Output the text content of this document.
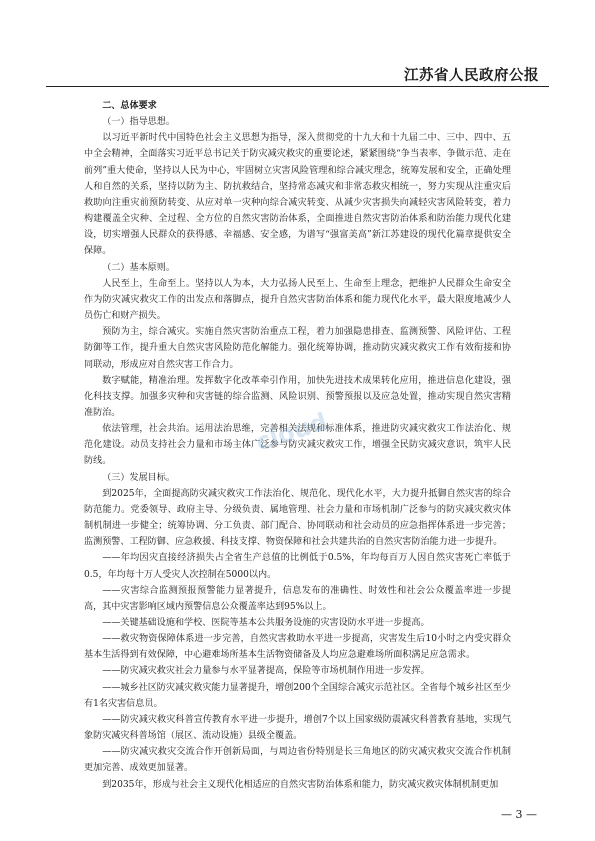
江苏省人民政府公报

二、总体要求

（一）指导思想。

以习近平新时代中国特色社会主义思想为指导，深入贯彻党的十九大和十九届二中、三中、四中、五中全会精神，全面落实习近平总书记关于防灾减灾救灾的重要论述，紧紧围绕“争当表率、争做示范、走在前列”重大使命，坚持以人民为中心，牢固树立灾害风险管理和综合减灾理念，统筹发展和安全，正确处理人和自然的关系，坚持以防为主、防抗救结合，坚持常态减灾和非常态救灾相统一，努力实现从注重灾后救助向注重灾前预防转变、从应对单一灾种向综合减灾转变、从减少灾害损失向减轻灾害风险转变，着力构建覆盖全灾种、全过程、全方位的自然灾害防治体系，全面推进自然灾害防治体系和防治能力现代化建设，切实增强人民群众的获得感、幸福感、安全感，为谱写“强富美高”新江苏建设的现代化篇章提供安全保障。

（二）基本原则。

人民至上，生命至上。坚持以人为本，大力弘扬人民至上、生命至上理念，把维护人民群众生命安全作为防灾减灾救灾工作的出发点和落脚点，提升自然灾害防治体系和能力现代化水平，最大限度地减少人员伤亡和财产损失。

预防为主，综合减灾。实施自然灾害防治重点工程，着力加强隐患排查、监测预警、风险评估、工程防御等工作，提升重大自然灾害风险防范化解能力。强化统筹协调，推动防灾减灾救灾工作有效衔接和协同联动，形成应对自然灾害工作合力。

数字赋能，精准治理。发挥数字化改革牵引作用，加快先进技术成果转化应用，推进信息化建设，强化科技支撑。加强多灾种和灾害链的综合监测、风险识别、预警预报以及应急处置，推动实现自然灾害精准防治。

依法管理，社会共治。运用法治思维，完善相关法规和标准体系，推进防灾减灾救灾工作法治化、规范化建设。动员支持社会力量和市场主体广泛参与防灾减灾救灾工作，增强全民防灾减灾意识，筑牢人民防线。

（三）发展目标。

到2025年，全面提高防灾减灾救灾工作法治化、规范化、现代化水平，大力提升抵御自然灾害的综合防范能力。党委领导、政府主导、分级负责、属地管理、社会力量和市场机制广泛参与的防灾减灾救灾体制机制进一步健全；统筹协调、分工负责、部门配合、协同联动和社会动员的应急指挥体系进一步完善；监测预警、工程防御、应急救援、科技支撑、物资保障和社会共建共治的自然灾害防治能力进一步提升。

——年均因灾直接经济损失占全省生产总值的比例低于0.5%，年均每百万人因自然灾害死亡率低于0.5，年均每十万人受灾人次控制在5000以内。

——灾害综合监测预报预警能力显著提升，信息发布的准确性、时效性和社会公众覆盖率进一步提高，其中灾害影响区域内预警信息公众覆盖率达到95%以上。

——关键基础设施和学校、医院等基本公共服务设施的灾害设防水平进一步提高。

——救灾物资保障体系进一步完善，自然灾害救助水平进一步提高，灾害发生后10小时之内受灾群众基本生活得到有效保障，中心避难场所基本生活物资储备及人均应急避难场所面积满足应急需求。

——防灾减灾救灾社会力量参与水平显著提高，保险等市场机制作用进一步发挥。

——城乡社区防灾减灾救灾能力显著提升，增创200个全国综合减灾示范社区。全省每个城乡社区至少有1名灾害信息员。

——防灾减灾救灾科普宣传教育水平进一步提升，增创7个以上国家级防震减灾科普教育基地，实现气象防灾减灾科普场馆（展区、流动设施）县级全覆盖。

——防灾减灾救灾交流合作开创新局面，与周边省份特别是长三角地区的防灾减灾救灾交流合作机制更加完善、成效更加显著。

到2035年，形成与社会主义现代化相适应的自然灾害防治体系和能力，防灾减灾救灾体制机制更加

cloud
— 3 —
